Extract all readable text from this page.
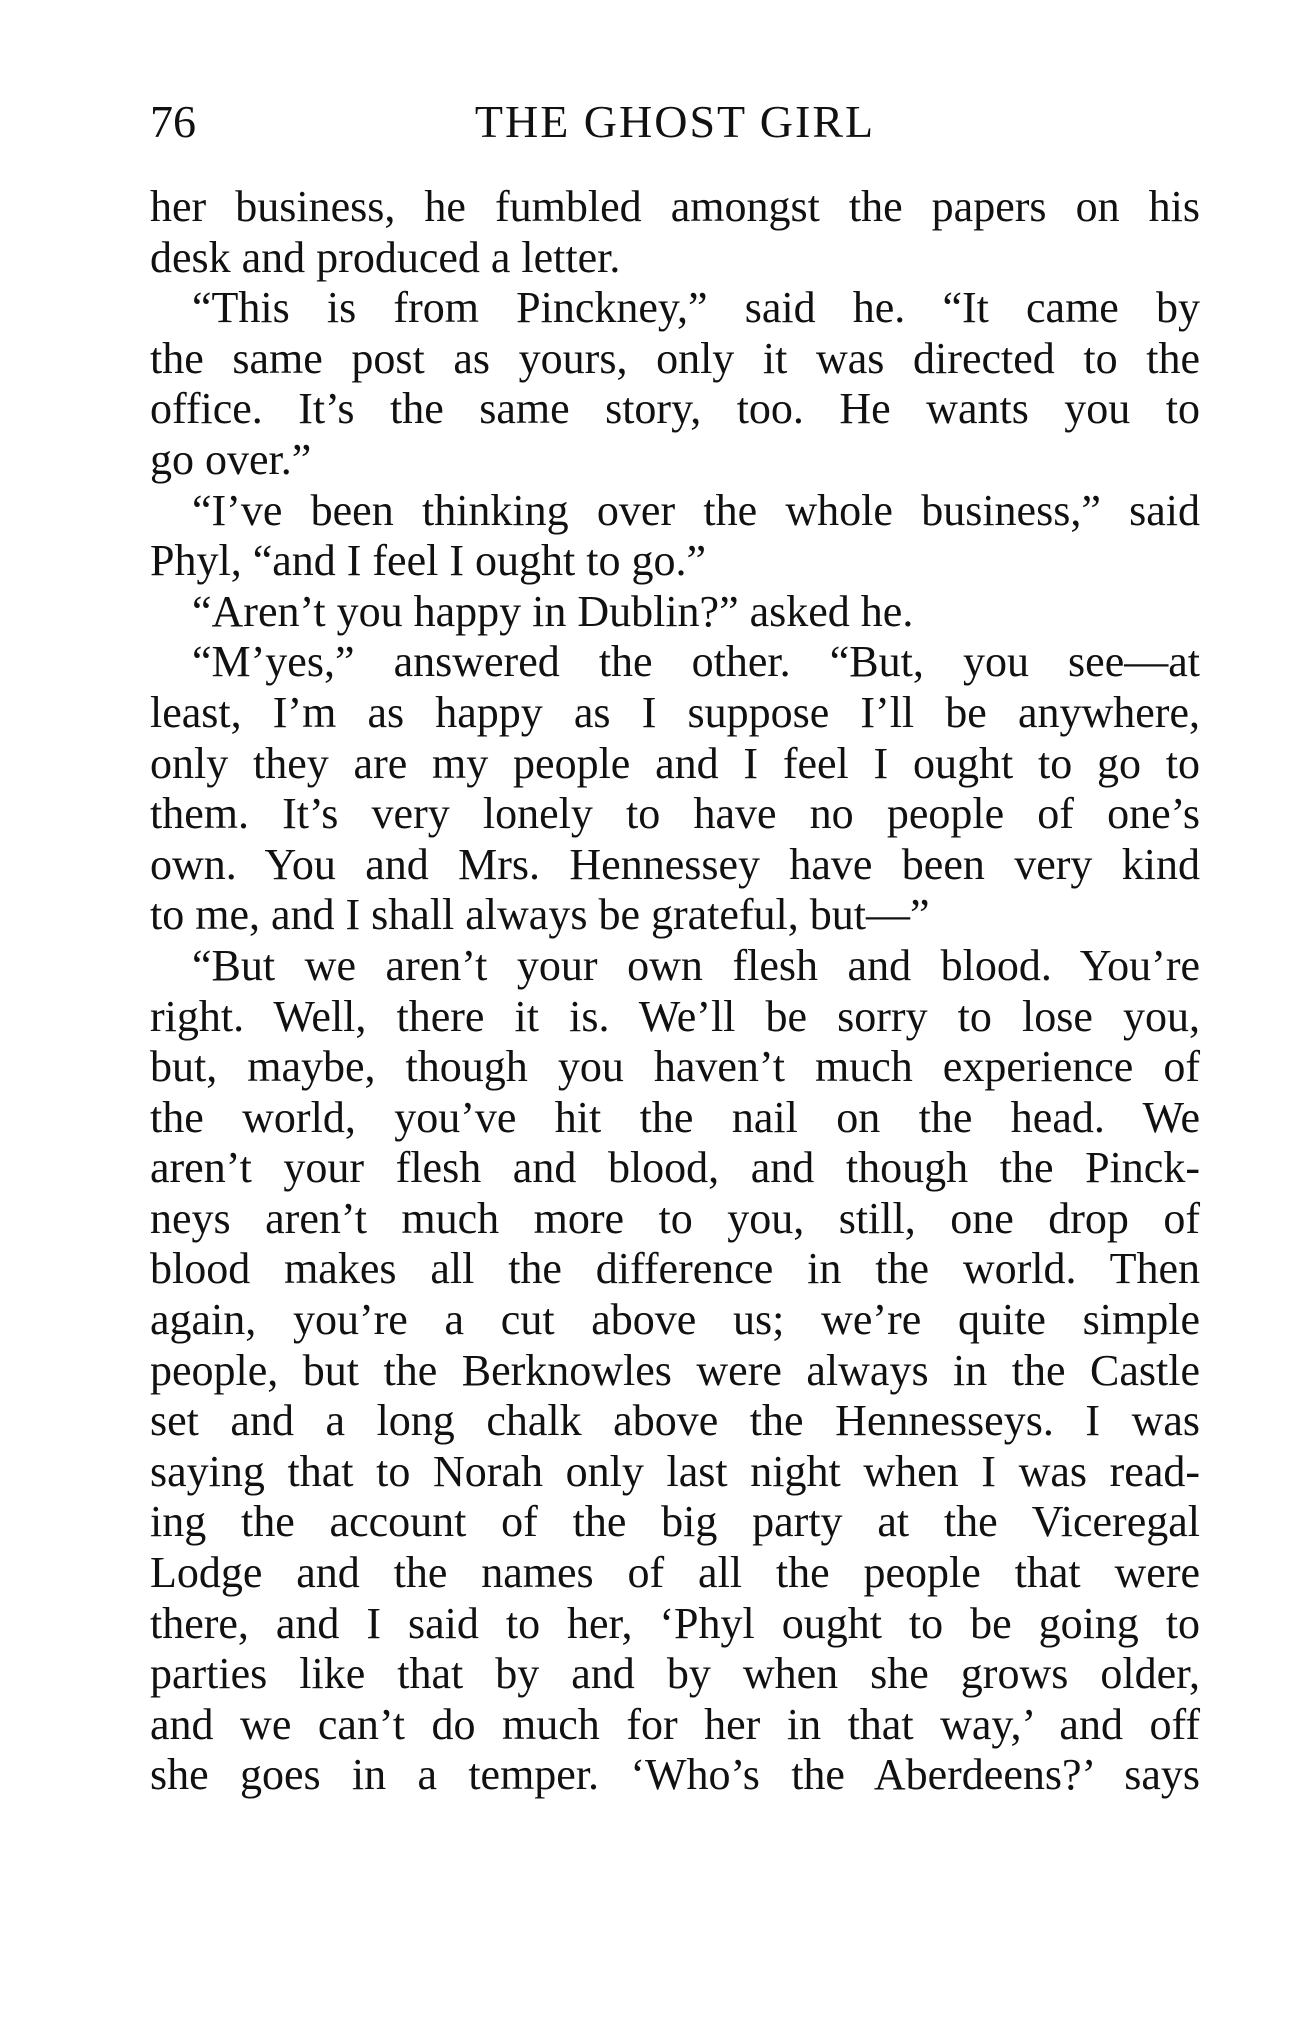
76	THE GHOST GIRL
her business, he fumbled amongst the papers on his
desk and produced a letter.
“This is from Pinckney,” said he. “It came by
the same post as yours, only it was directed to the
office. It’s the same story, too. He wants you to
go over.”
“I’ve been thinking over the whole business,” said
Phyl, “and I feel I ought to go.”
“Aren’t you happy in Dublin?” asked he.
“M’yes,” answered the other. “But, you see—at
least, I’m as happy as I suppose I’ll be anywhere,
only they are my people and I feel I ought to go to
them. It’s very lonely to have no people of one’s
own. You and Mrs. Hennessey have been very kind
to me, and I shall always be grateful, but—”
“But we aren’t your own flesh and blood. You’re
right. Well, there it is. We’ll be sorry to lose you,
but, maybe, though you haven’t much experience of
the world, you’ve hit the nail on the head. We
aren’t your flesh and blood, and though the Pinck-
neys aren’t much more to you, still, one drop of
blood makes all the difference in the world. Then
again, you’re a cut above us; we’re quite simple
people, but the Berknowles were always in the Castle
set and a long chalk above the Hennesseys. I was
saying that to Norah only last night when I was read-
ing the account of the big party at the Viceregal
Lodge and the names of all the people that were
there, and I said to her, ‘Phyl ought to be going to
parties like that by and by when she grows older,
and we can’t do much for her in that way,’ and off
she goes in a temper. ‘Who’s the Aberdeens?’ says
